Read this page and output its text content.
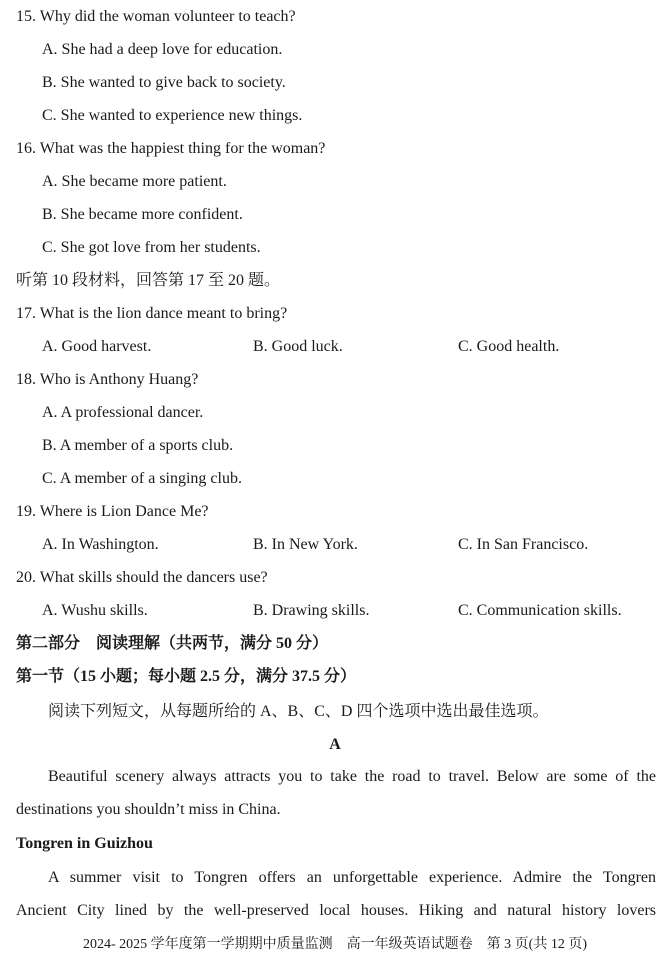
15. Why did the woman volunteer to teach?
A. She had a deep love for education.
B. She wanted to give back to society.
C. She wanted to experience new things.
16. What was the happiest thing for the woman?
A. She became more patient.
B. She became more confident.
C. She got love from her students.
听第 10 段材料，回答第 17 至 20 题。
17. What is the lion dance meant to bring?
A. Good harvest.	B. Good luck.	C. Good health.
18. Who is Anthony Huang?
A. A professional dancer.
B. A member of a sports club.
C. A member of a singing club.
19. Where is Lion Dance Me?
A. In Washington.	B. In New York.	C. In San Francisco.
20. What skills should the dancers use?
A. Wushu skills.	B. Drawing skills.	C. Communication skills.
第二部分　阅读理解（共两节，满分 50 分）
第一节（15 小题；每小题 2.5 分，满分 37.5 分）
阅读下列短文，从每题所给的 A、B、C、D 四个选项中选出最佳选项。
A
Beautiful scenery always attracts you to take the road to travel. Below are some of the
destinations you shouldn’t miss in China.
Tongren in Guizhou
A summer visit to Tongren offers an unforgettable experience. Admire the Tongren
Ancient City lined by the well-preserved local houses. Hiking and natural history lovers
2024- 2025 学年度第一学期期中质量监测　高一年级英语试题卷　第 3 页(共 12 页)
